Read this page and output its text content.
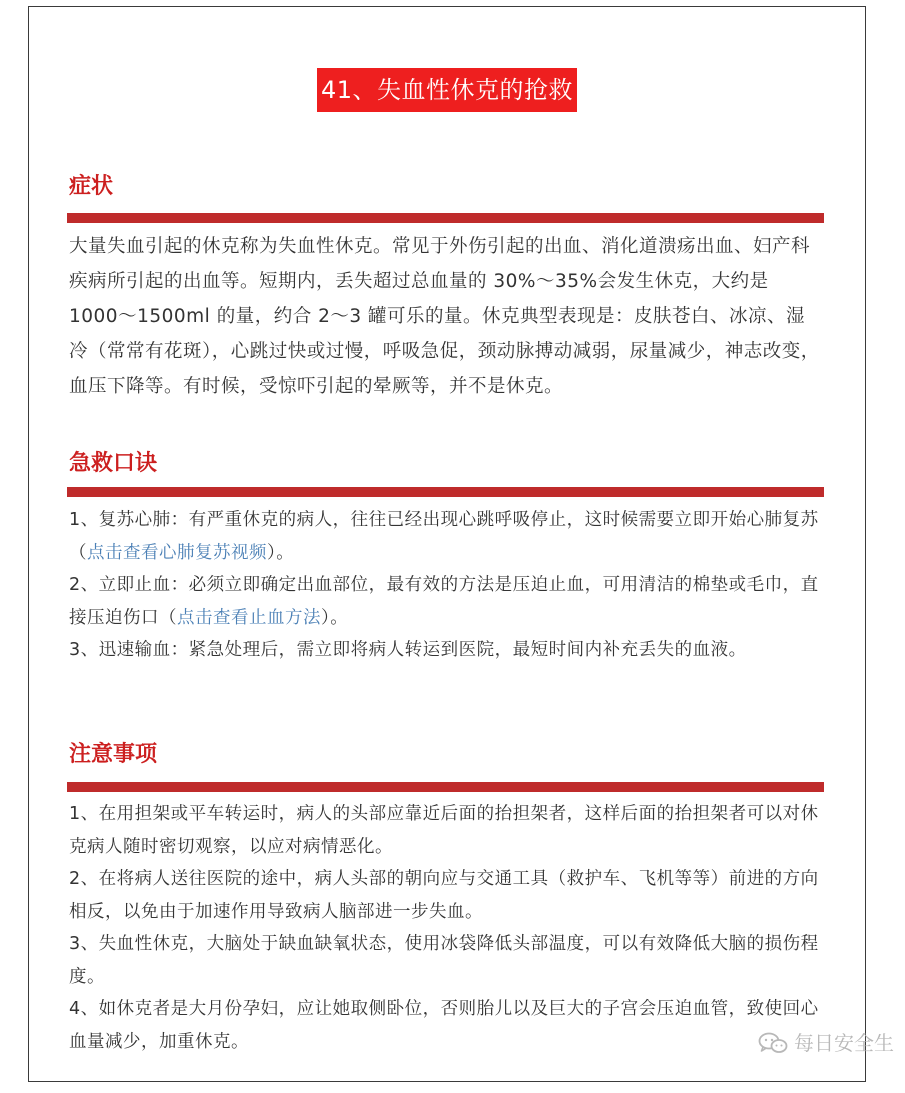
41、失血性休克的抢救
症状

大量失血引起的休克称为失血性休克。常见于外伤引起的出血、消化道溃疡出血、妇产科疾病所引起的出血等。短期内，丢失超过总血量的 30%～35%会发生休克，大约是 1000～1500ml 的量，约合 2～3 罐可乐的量。休克典型表现是：皮肤苍白、冰凉、湿冷（常常有花斑），心跳过快或过慢，呼吸急促，颈动脉搏动减弱，尿量减少，神志改变，血压下降等。有时候，受惊吓引起的晕厥等，并不是休克。

急救口诀

1、复苏心肺：有严重休克的病人，往往已经出现心跳呼吸停止，这时候需要立即开始心肺复苏（点击查看心肺复苏视频）。

2、立即止血：必须立即确定出血部位，最有效的方法是压迫止血，可用清洁的棉垫或毛巾，直接压迫伤口（点击查看止血方法）。

3、迅速输血：紧急处理后，需立即将病人转运到医院，最短时间内补充丢失的血液。

注意事项

1、在用担架或平车转运时，病人的头部应靠近后面的抬担架者，这样后面的抬担架者可以对休克病人随时密切观察，以应对病情恶化。

2、在将病人送往医院的途中，病人头部的朝向应与交通工具（救护车、飞机等等）前进的方向相反，以免由于加速作用导致病人脑部进一步失血。

3、失血性休克，大脑处于缺血缺氧状态，使用冰袋降低头部温度，可以有效降低大脑的损伤程度。

4、如休克者是大月份孕妇，应让她取侧卧位，否则胎儿以及巨大的子宫会压迫血管，致使回心血量减少，加重休克。	每日安全生
